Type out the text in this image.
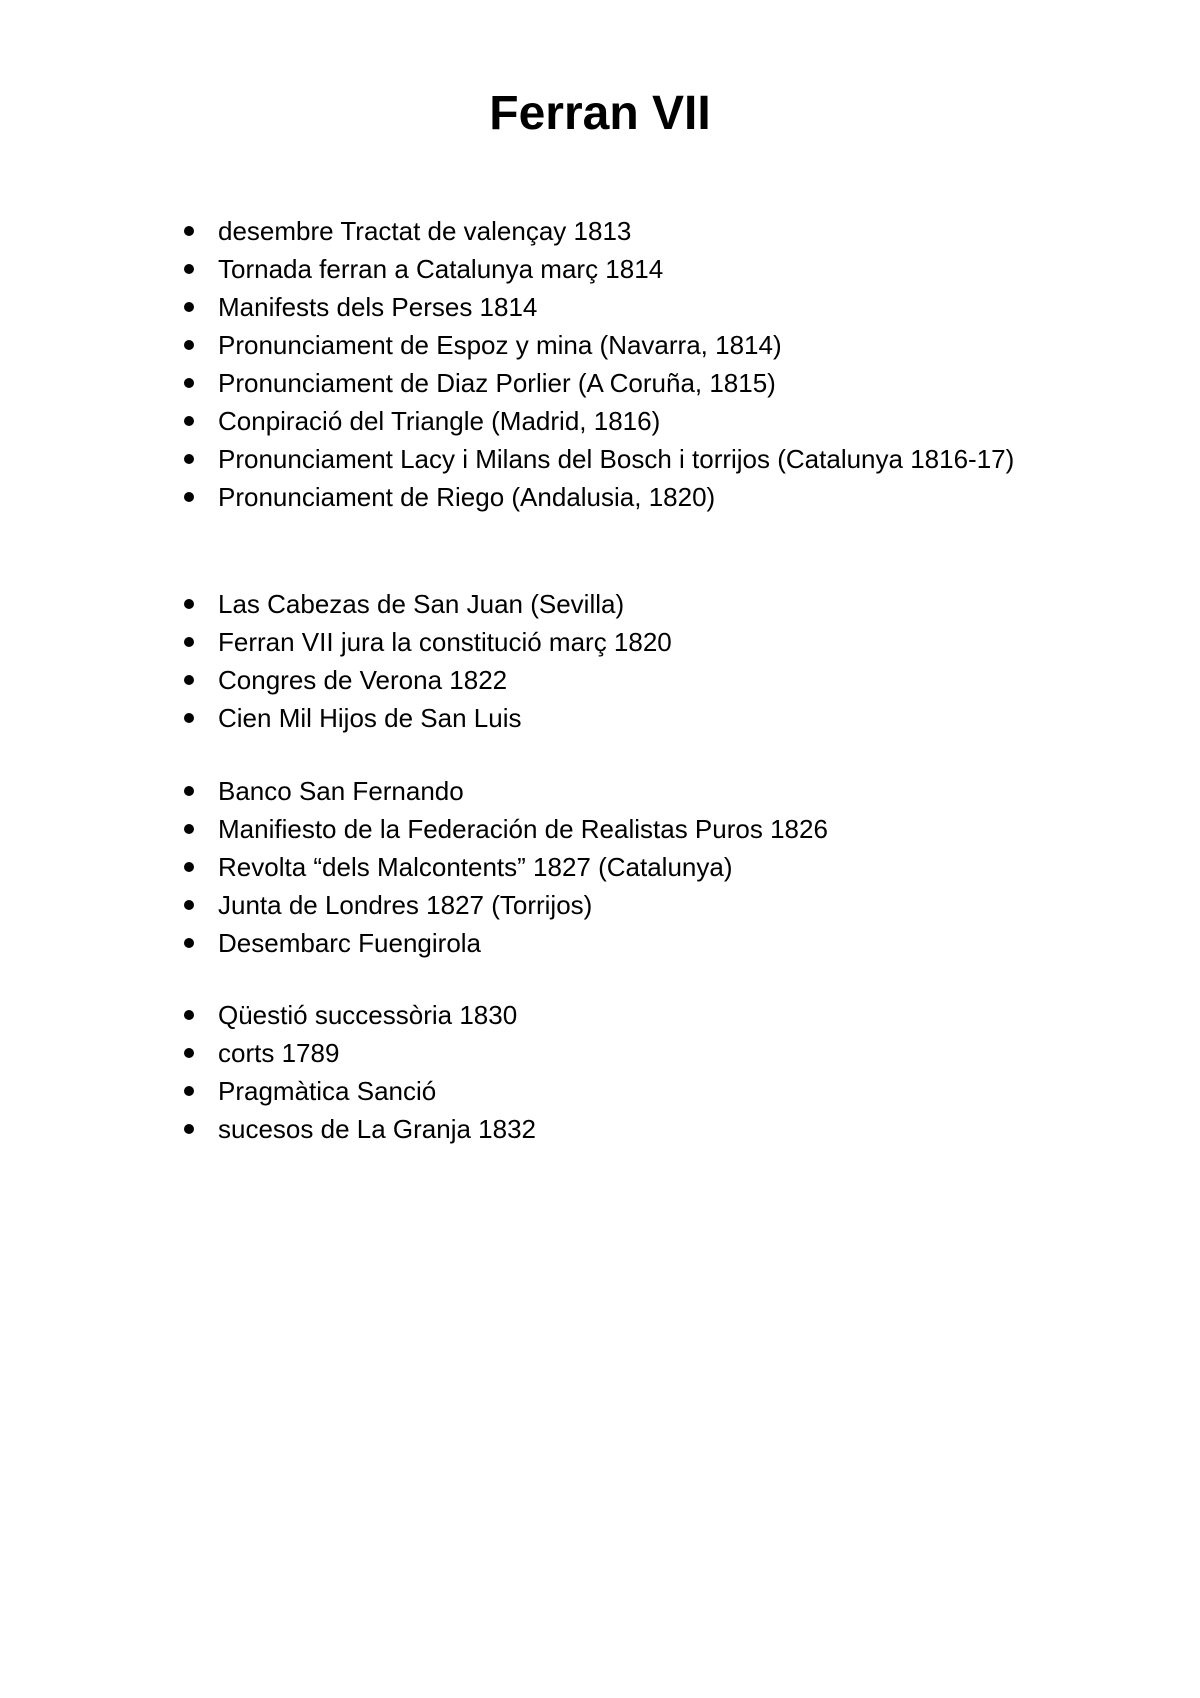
Ferran VII
desembre Tractat de valençay 1813
Tornada ferran a Catalunya març 1814
Manifests dels Perses 1814
Pronunciament de Espoz y mina (Navarra, 1814)
Pronunciament de Diaz Porlier (A Coruña, 1815)
Conpiració del Triangle (Madrid, 1816)
Pronunciament Lacy i Milans del Bosch i torrijos (Catalunya 1816-17)
Pronunciament de Riego (Andalusia, 1820)
Las Cabezas de San Juan (Sevilla)
Ferran VII jura la constitució març 1820
Congres de Verona 1822
Cien Mil Hijos de San Luis
Banco San Fernando
Manifiesto de la Federación de Realistas Puros 1826
Revolta “dels Malcontents” 1827 (Catalunya)
Junta de Londres 1827 (Torrijos)
Desembarc Fuengirola
Qüestió successòria 1830
corts 1789
Pragmàtica Sanció
sucesos de La Granja 1832
